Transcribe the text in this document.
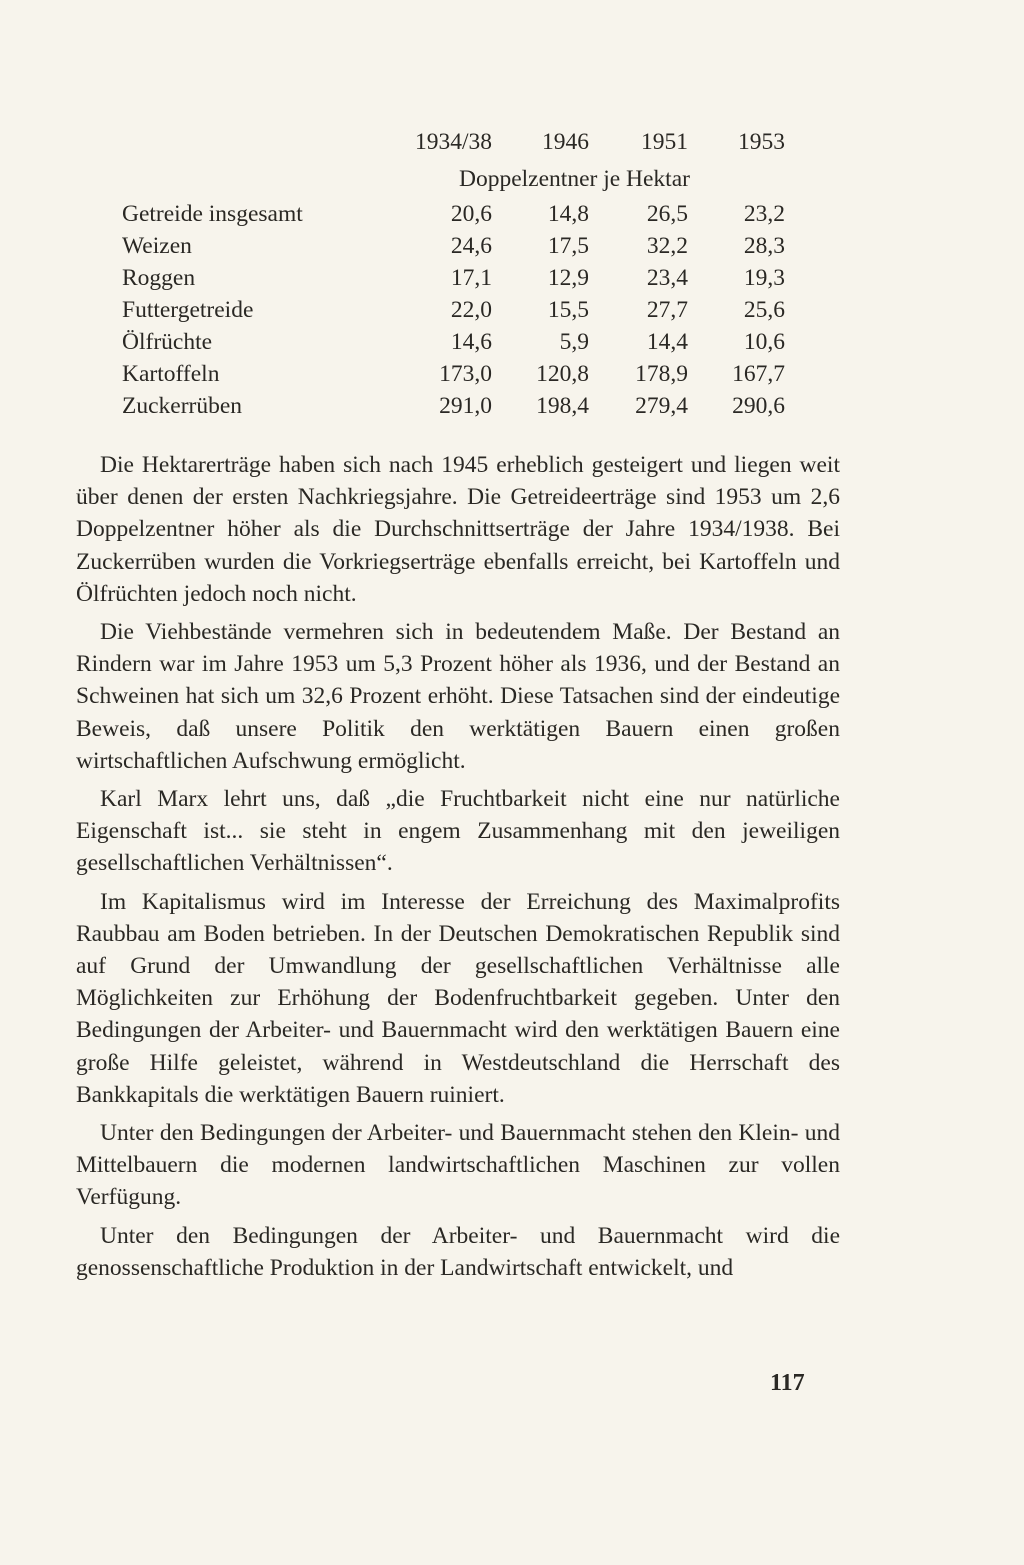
1934/38 1946 1951 1953
Doppelzentner je Hektar
Getreide insgesamt	20,6 14,8 26,5 23,2
Weizen	24,6 17,5 32,2 28,3
Roggen	17,1 12,9 23,4 19,3
Futtergetreide	22,0 15,5 27,7 25,6
Ölfrüchte	14,6	5,9 14,4 10,6
Kartoffeln	173,0 120,8 178,9 167,7
Zuckerrüben	291,0 198,4 279,4 290,6

Die Hektarerträge haben sich nach 1945 erheblich gesteigert und liegen weit über denen der ersten Nachkriegsjahre. Die Getreideerträge sind 1953 um 2,6 Doppelzentner höher als die Durchschnittserträge der Jahre 1934/1938. Bei Zuckerrüben wurden die Vorkriegserträge ebenfalls erreicht, bei Kartoffeln und Ölfrüchten jedoch noch nicht.

Die Viehbestände vermehren sich in bedeutendem Maße. Der Bestand an Rindern war im Jahre 1953 um 5,3 Prozent höher als 1936, und der Bestand an Schweinen hat sich um 32,6 Prozent erhöht. Diese Tatsachen sind der eindeutige Beweis, daß unsere Politik den werktätigen Bauern einen großen wirtschaftlichen Aufschwung ermöglicht.

Karl Marx lehrt uns, daß „die Fruchtbarkeit nicht eine nur natürliche Eigenschaft ist... sie steht in engem Zusammenhang mit den jeweiligen gesellschaftlichen Verhältnissen“.

Im Kapitalismus wird im Interesse der Erreichung des Maximalprofits Raubbau am Boden betrieben. In der Deutschen Demokratischen Republik sind auf Grund der Umwandlung der gesellschaftlichen Verhältnisse alle Möglichkeiten zur Erhöhung der Bodenfruchtbarkeit gegeben. Unter den Bedingungen der Arbeiter- und Bauernmacht wird den werktätigen Bauern eine große Hilfe geleistet, während in Westdeutschland die Herrschaft des Bankkapitals die werktätigen Bauern ruiniert.

Unter den Bedingungen der Arbeiter- und Bauernmacht stehen den Klein- und Mittelbauern die modernen landwirtschaftlichen Maschinen zur vollen Verfügung.

Unter den Bedingungen der Arbeiter- und Bauernmacht wird die genossenschaftliche Produktion in der Landwirtschaft entwickelt, und

117
